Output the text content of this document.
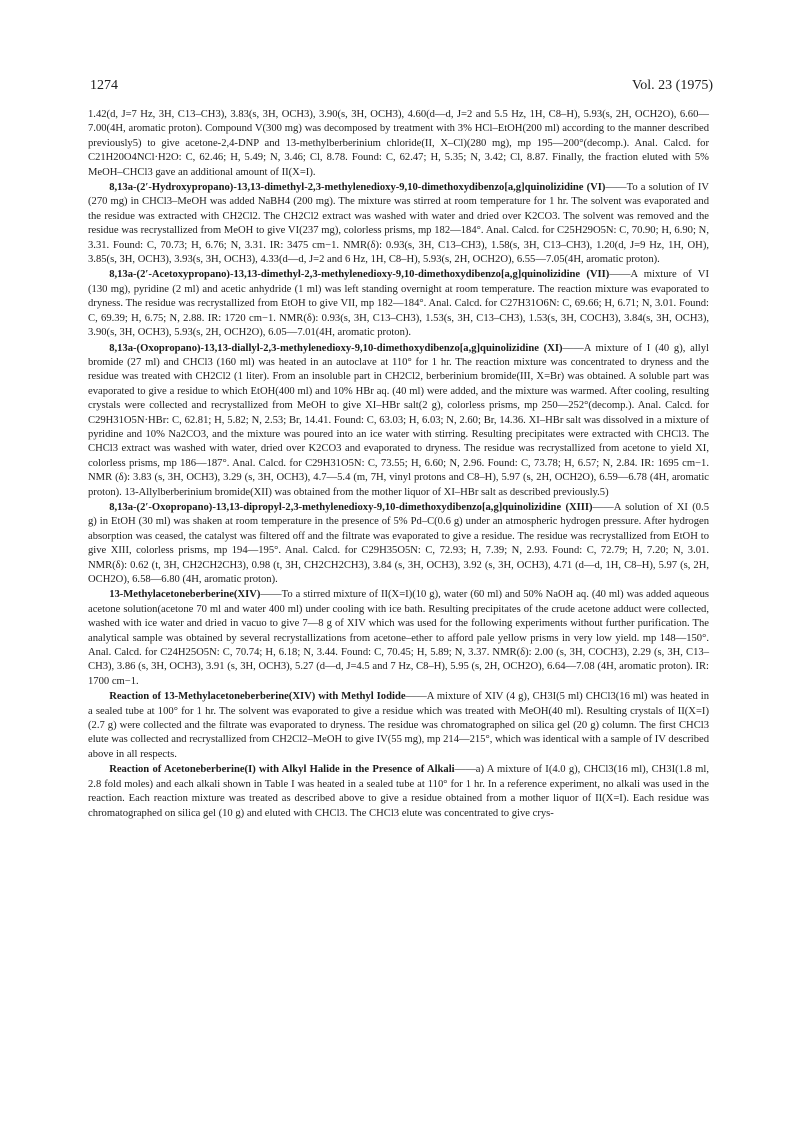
1274	Vol. 23 (1975)

1.42(d, J=7 Hz, 3H, C13–CH3), 3.83(s, 3H, OCH3), 3.90(s, 3H, OCH3), 4.60(d—d, J=2 and 5.5 Hz, 1H, C8–H), 5.93(s, 2H, OCH2O), 6.60—7.00(4H, aromatic proton). Compound V(300 mg) was decomposed by treatment with 3% HCl–EtOH(200 ml) according to the manner described previously5) to give acetone-2,4-DNP and 13-methylberberinium chloride(II, X–Cl)(280 mg), mp 195—200°(decomp.). Anal. Calcd. for C21H20O4NCl·H2O: C, 62.46; H, 5.49; N, 3.46; Cl, 8.78. Found: C, 62.47; H, 5.35; N, 3.42; Cl, 8.87. Finally, the fraction eluted with 5% MeOH–CHCl3 gave an additional amount of II(X=I).

8,13a-(2′-Hydroxypropano)-13,13-dimethyl-2,3-methylenedioxy-9,10-dimethoxydibenzo[a,g]quinolizidine (VI)——To a solution of IV (270 mg) in CHCl3–MeOH was added NaBH4 (200 mg). The mixture was stirred at room temperature for 1 hr. The solvent was evaporated and the residue was extracted with CH2Cl2. The CH2Cl2 extract was washed with water and dried over K2CO3. The solvent was removed and the residue was recrystallized from MeOH to give VI(237 mg), colorless prisms, mp 182—184°. Anal. Calcd. for C25H29O5N: C, 70.90; H, 6.90; N, 3.31. Found: C, 70.73; H, 6.76; N, 3.31. IR: 3475 cm−1. NMR(δ): 0.93(s, 3H, C13–CH3), 1.58(s, 3H, C13–CH3), 1.20(d, J=9 Hz, 1H, OH), 3.85(s, 3H, OCH3), 3.93(s, 3H, OCH3), 4.33(d—d, J=2 and 6 Hz, 1H, C8–H), 5.93(s, 2H, OCH2O), 6.55—7.05(4H, aromatic proton).

8,13a-(2′-Acetoxypropano)-13,13-dimethyl-2,3-methylenedioxy-9,10-dimethoxydibenzo[a,g]quinolizidine (VII)——A mixture of VI (130 mg), pyridine (2 ml) and acetic anhydride (1 ml) was left standing overnight at room temperature. The reaction mixture was evaporated to dryness. The residue was recrystallized from EtOH to give VII, mp 182—184°. Anal. Calcd. for C27H31O6N: C, 69.66; H, 6.71; N, 3.01. Found: C, 69.39; H, 6.75; N, 2.88. IR: 1720 cm−1. NMR(δ): 0.93(s, 3H, C13–CH3), 1.53(s, 3H, C13–CH3), 1.53(s, 3H, COCH3), 3.84(s, 3H, OCH3), 3.90(s, 3H, OCH3), 5.93(s, 2H, OCH2O), 6.05—7.01(4H, aromatic proton).

8,13a-(Oxopropano)-13,13-diallyl-2,3-methylenedioxy-9,10-dimethoxydibenzo[a,g]quinolizidine (XI)——A mixture of I (40 g), allyl bromide (27 ml) and CHCl3 (160 ml) was heated in an autoclave at 110° for 1 hr. The reaction mixture was concentrated to dryness and the residue was treated with CH2Cl2 (1 liter). From an insoluble part in CH2Cl2, berberinium bromide(III, X=Br) was obtained. A soluble part was evaporated to give a residue to which EtOH(400 ml) and 10% HBr aq. (40 ml) were added, and the mixture was warmed. After cooling, resulting crystals were collected and recrystallized from MeOH to give XI–HBr salt(2 g), colorless prisms, mp 250—252°(decomp.). Anal. Calcd. for C29H31O5N·HBr: C, 62.81; H, 5.82; N, 2.53; Br, 14.41. Found: C, 63.03; H, 6.03; N, 2.60; Br, 14.36. XI–HBr salt was dissolved in a mixture of pyridine and 10% Na2CO3, and the mixture was poured into an ice water with stirring. Resulting precipitates were extracted with CHCl3. The CHCl3 extract was washed with water, dried over K2CO3 and evaporated to dryness. The residue was recrystallized from acetone to yield XI, colorless prisms, mp 186—187°. Anal. Calcd. for C29H31O5N: C, 73.55; H, 6.60; N, 2.96. Found: C, 73.78; H, 6.57; N, 2.84. IR: 1695 cm−1. NMR (δ): 3.83 (s, 3H, OCH3), 3.29 (s, 3H, OCH3), 4.7—5.4 (m, 7H, vinyl protons and C8–H), 5.97 (s, 2H, OCH2O), 6.59—6.78 (4H, aromatic proton). 13-Allylberberinium bromide(XII) was obtained from the mother liquor of XI–HBr salt as described previously.5)

8,13a-(2′-Oxopropano)-13,13-dipropyl-2,3-methylenedioxy-9,10-dimethoxydibenzo[a,g]quinolizidine (XIII)——A solution of XI (0.5 g) in EtOH (30 ml) was shaken at room temperature in the presence of 5% Pd–C(0.6 g) under an atmospheric hydrogen pressure. After hydrogen absorption was ceased, the catalyst was filtered off and the filtrate was evaporated to give a residue. The residue was recrystallized from EtOH to give XIII, colorless prisms, mp 194—195°. Anal. Calcd. for C29H35O5N: C, 72.93; H, 7.39; N, 2.93. Found: C, 72.79; H, 7.20; N, 3.01. NMR(δ): 0.62 (t, 3H, CH2CH2CH3), 0.98 (t, 3H, CH2CH2CH3), 3.84 (s, 3H, OCH3), 3.92 (s, 3H, OCH3), 4.71 (d—d, 1H, C8–H), 5.97 (s, 2H, OCH2O), 6.58—6.80 (4H, aromatic proton).

13-Methylacetoneberberine(XIV)——To a stirred mixture of II(X=I)(10 g), water (60 ml) and 50% NaOH aq. (40 ml) was added aqueous acetone solution(acetone 70 ml and water 400 ml) under cooling with ice bath. Resulting precipitates of the crude acetone adduct were collected, washed with ice water and dried in vacuo to give 7—8 g of XIV which was used for the following experiments without further purification. The analytical sample was obtained by several recrystallizations from acetone–ether to afford pale yellow prisms in very low yield. mp 148—150°. Anal. Calcd. for C24H25O5N: C, 70.74; H, 6.18; N, 3.44. Found: C, 70.45; H, 5.89; N, 3.37. NMR(δ): 2.00 (s, 3H, COCH3), 2.29 (s, 3H, C13–CH3), 3.86 (s, 3H, OCH3), 3.91 (s, 3H, OCH3), 5.27 (d—d, J=4.5 and 7 Hz, C8–H), 5.95 (s, 2H, OCH2O), 6.64—7.08 (4H, aromatic proton). IR: 1700 cm−1.

Reaction of 13-Methylacetoneberberine(XIV) with Methyl Iodide——A mixture of XIV (4 g), CH3I(5 ml) CHCl3(16 ml) was heated in a sealed tube at 100° for 1 hr. The solvent was evaporated to give a residue which was treated with MeOH(40 ml). Resulting crystals of II(X=I)(2.7 g) were collected and the filtrate was evaporated to dryness. The residue was chromatographed on silica gel (20 g) column. The first CHCl3 elute was collected and recrystallized from CH2Cl2–MeOH to give IV(55 mg), mp 214—215°, which was identical with a sample of IV described above in all respects.

Reaction of Acetoneberberine(I) with Alkyl Halide in the Presence of Alkali——a) A mixture of I(4.0 g), CHCl3(16 ml), CH3I(1.8 ml, 2.8 fold moles) and each alkali shown in Table I was heated in a sealed tube at 110° for 1 hr. In a reference experiment, no alkali was used in the reaction. Each reaction mixture was treated as described above to give a residue obtained from a mother liquor of II(X=I). Each residue was chromatographed on silica gel (10 g) and eluted with CHCl3. The CHCl3 elute was concentrated to give crys-
